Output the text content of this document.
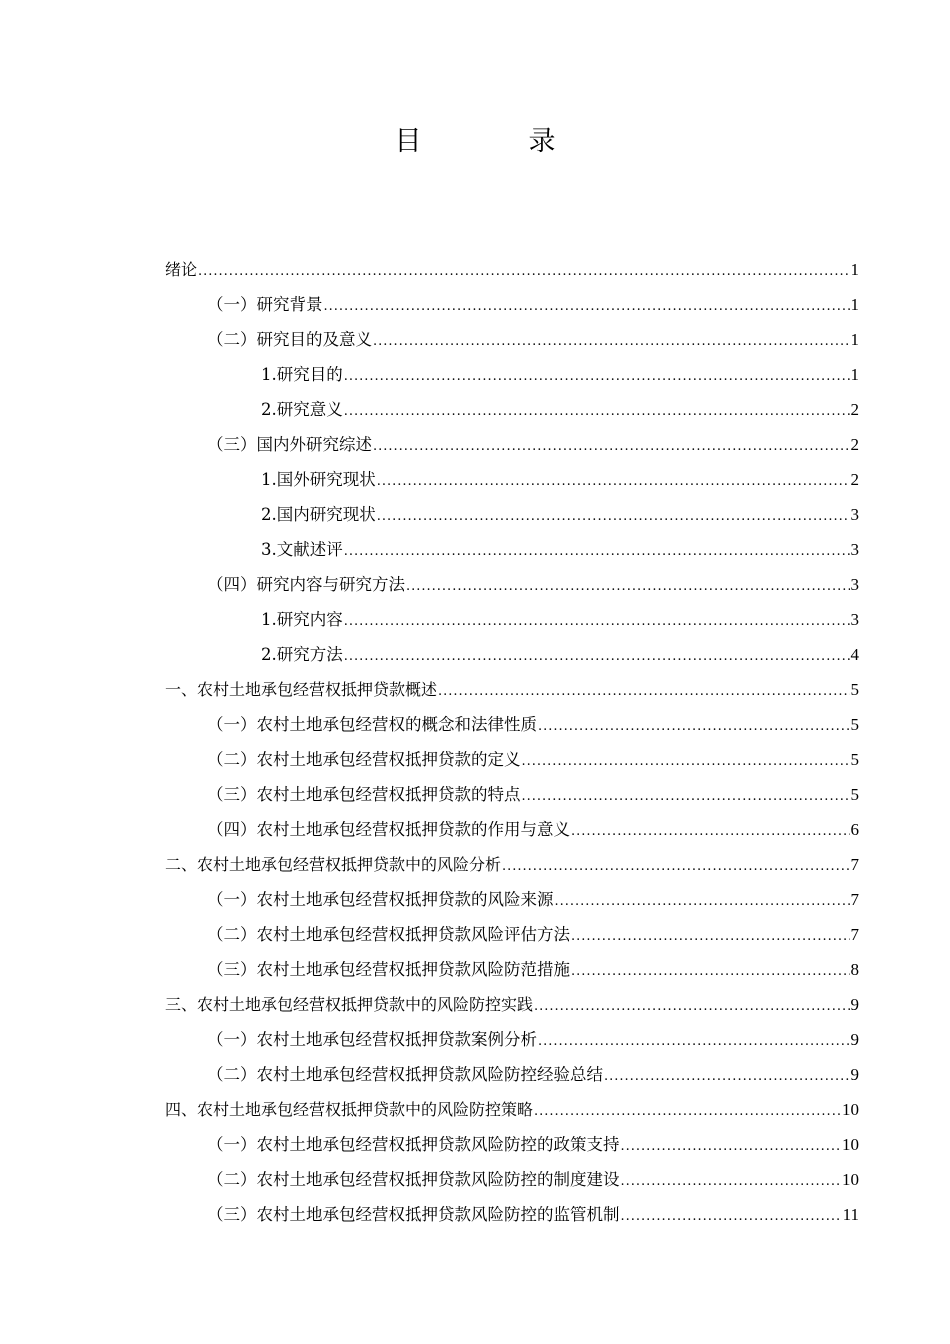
目　录
绪论 .....	1
（一）研究背景 .....	1
（二）研究目的及意义 .....	1
1.研究目的 .....	1
2.研究意义 .....	2
（三）国内外研究综述 .....	2
1.国外研究现状 .....	2
2.国内研究现状 .....	3
3.文献述评 .....	3
（四）研究内容与研究方法 .....	3
1.研究内容 .....	3
2.研究方法 .....	4
一、农村土地承包经营权抵押贷款概述 .....	5
（一）农村土地承包经营权的概念和法律性质 .....	5
（二）农村土地承包经营权抵押贷款的定义 .....	5
（三）农村土地承包经营权抵押贷款的特点 .....	5
（四）农村土地承包经营权抵押贷款的作用与意义 .....	6
二、农村土地承包经营权抵押贷款中的风险分析 .....	7
（一）农村土地承包经营权抵押贷款的风险来源 .....	7
（二）农村土地承包经营权抵押贷款风险评估方法 .....	7
（三）农村土地承包经营权抵押贷款风险防范措施 .....	8
三、农村土地承包经营权抵押贷款中的风险防控实践 .....	9
（一）农村土地承包经营权抵押贷款案例分析 .....	9
（二）农村土地承包经营权抵押贷款风险防控经验总结 .....	9
四、农村土地承包经营权抵押贷款中的风险防控策略 .....	10
（一）农村土地承包经营权抵押贷款风险防控的政策支持 .....	10
（二）农村土地承包经营权抵押贷款风险防控的制度建设 .....	10
（三）农村土地承包经营权抵押贷款风险防控的监管机制 .....	11
